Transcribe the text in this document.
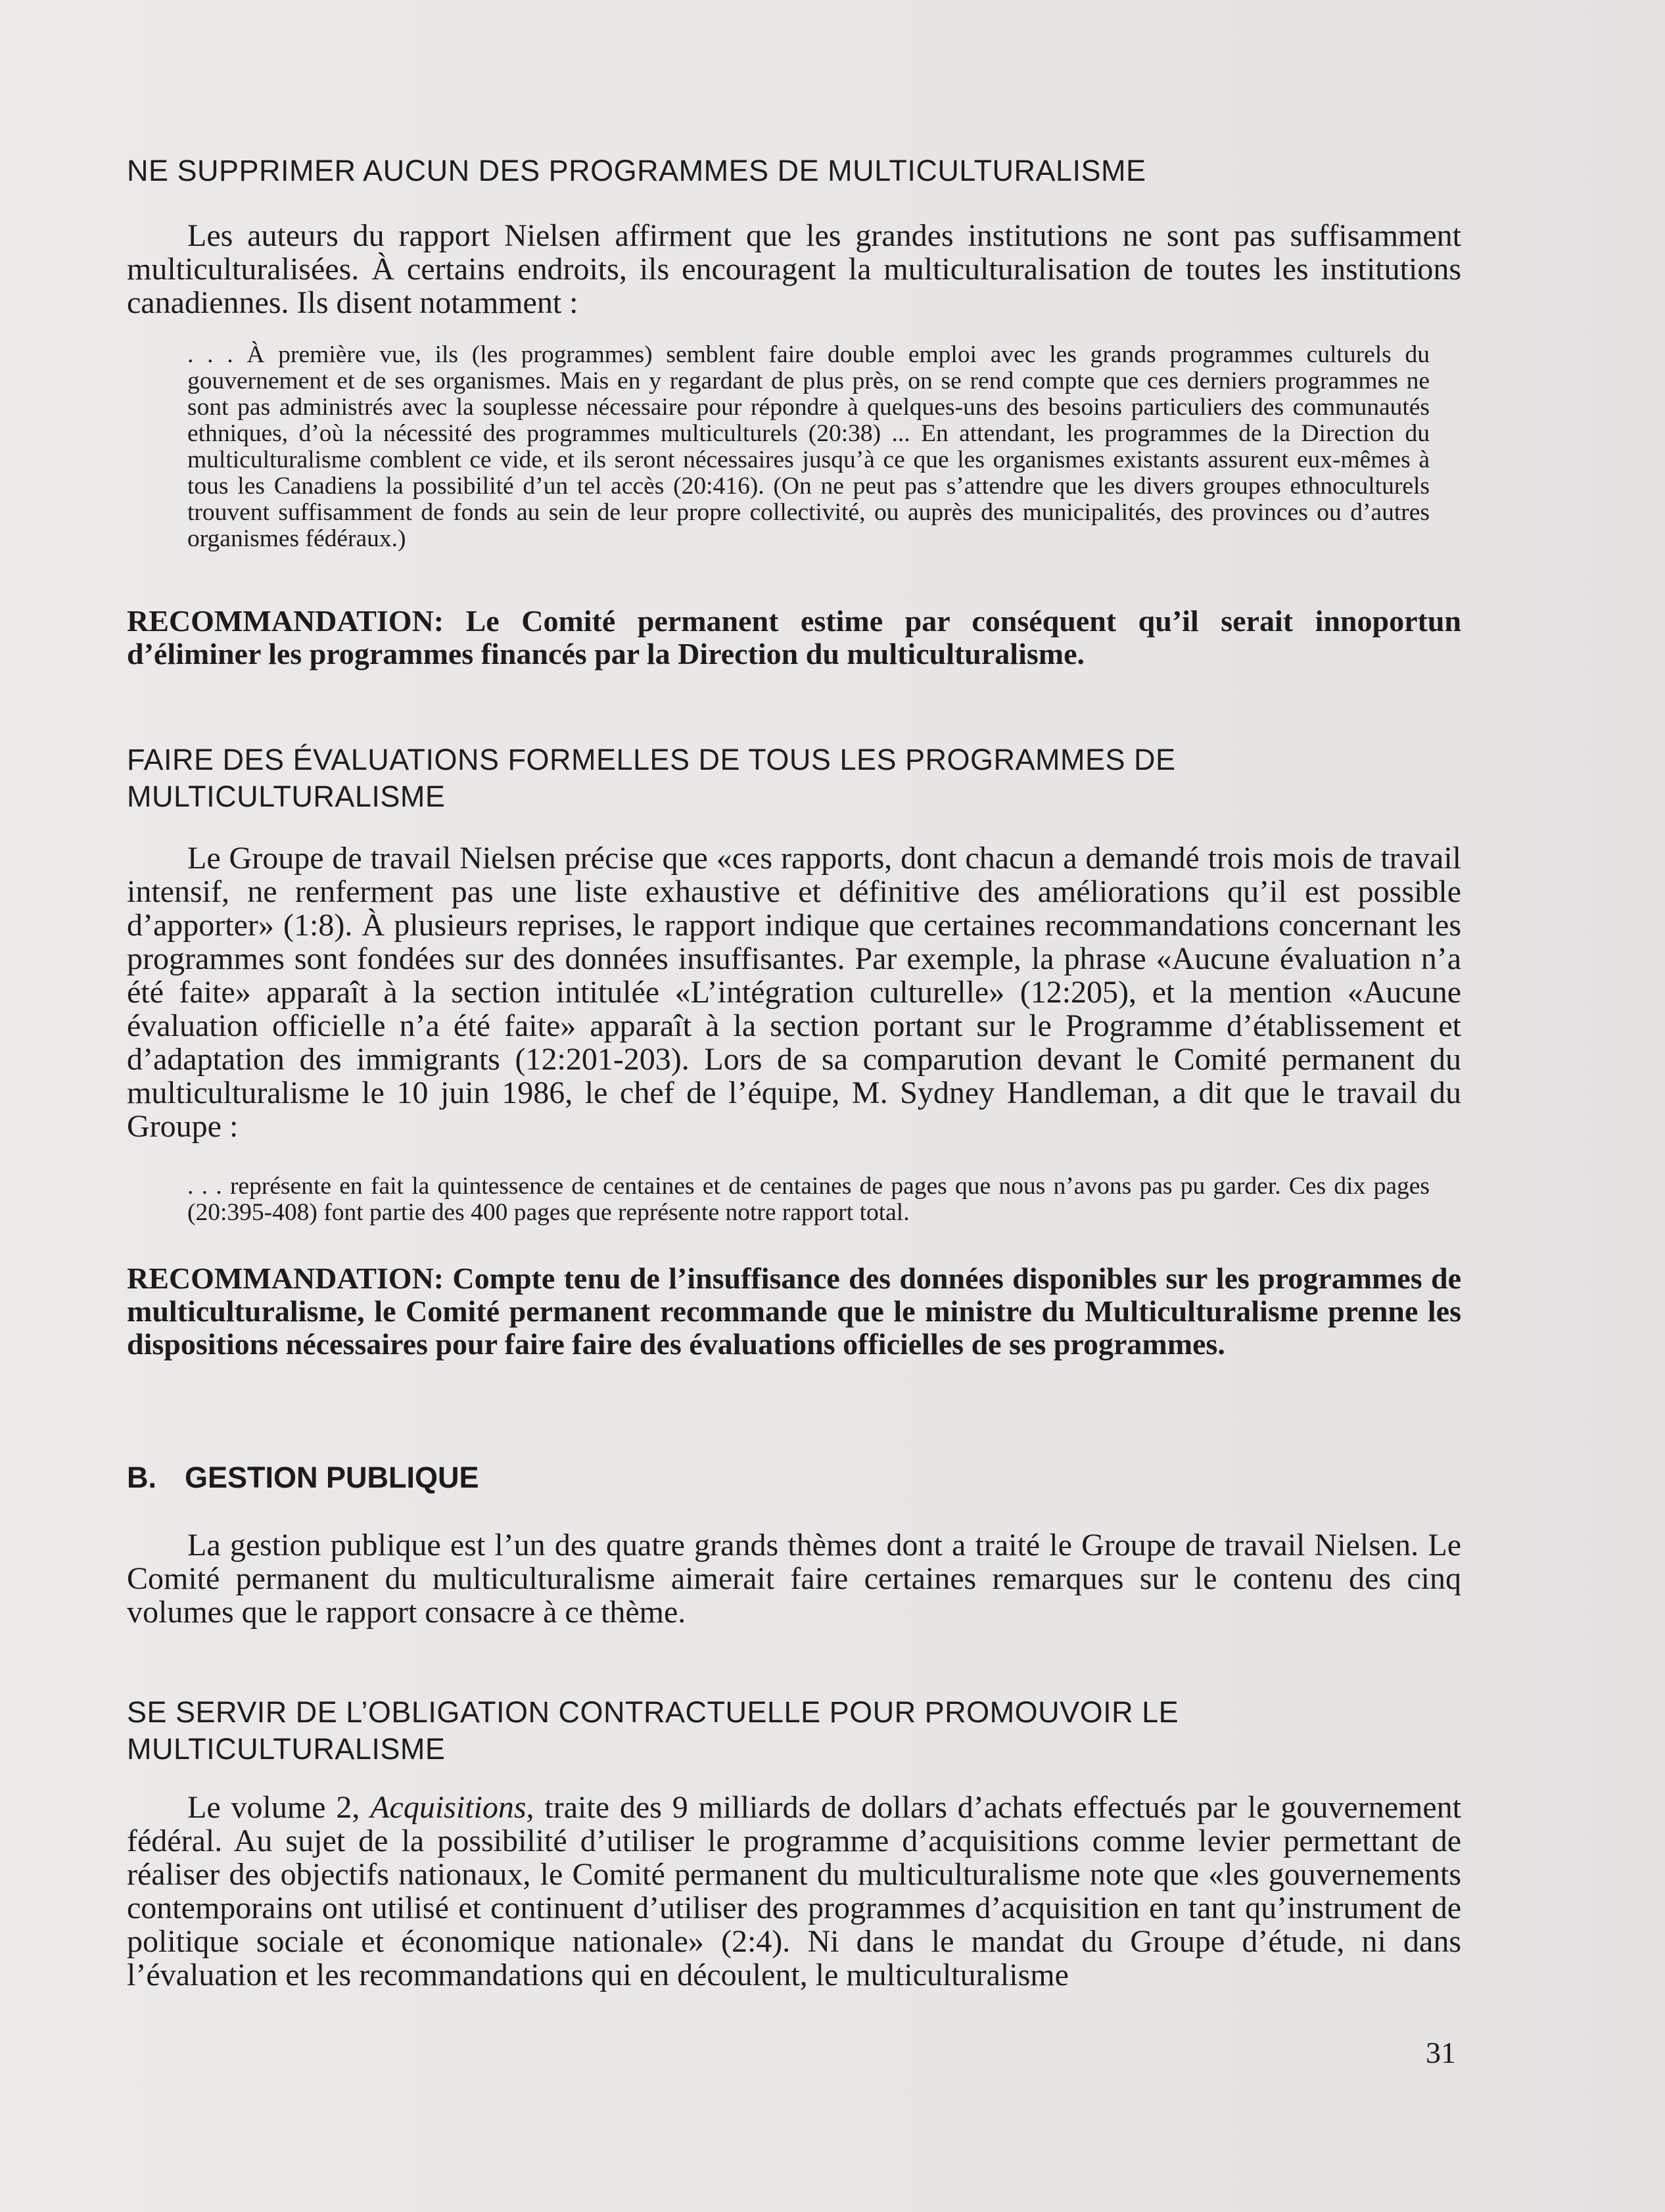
NE SUPPRIMER AUCUN DES PROGRAMMES DE MULTICULTURALISME

Les auteurs du rapport Nielsen affirment que les grandes institutions ne sont pas suffisamment multiculturalisées. À certains endroits, ils encouragent la multiculturalisation de toutes les institutions canadiennes. Ils disent notamment :

. . . À première vue, ils (les programmes) semblent faire double emploi avec les grands programmes culturels du gouvernement et de ses organismes. Mais en y regardant de plus près, on se rend compte que ces derniers programmes ne sont pas administrés avec la souplesse nécessaire pour répondre à quelques-uns des besoins particuliers des communautés ethniques, d’où la nécessité des programmes multiculturels (20:38) ... En attendant, les programmes de la Direction du multiculturalisme comblent ce vide, et ils seront nécessaires jusqu’à ce que les organismes existants assurent eux-mêmes à tous les Canadiens la possibilité d’un tel accès (20:416). (On ne peut pas s’attendre que les divers groupes ethnoculturels trouvent suffisamment de fonds au sein de leur propre collectivité, ou auprès des municipalités, des provinces ou d’autres organismes fédéraux.)

RECOMMANDATION: Le Comité permanent estime par conséquent qu’il serait innoportun d’éliminer les programmes financés par la Direction du multiculturalisme.

FAIRE DES ÉVALUATIONS FORMELLES DE TOUS LES PROGRAMMES DE
MULTICULTURALISME

Le Groupe de travail Nielsen précise que «ces rapports, dont chacun a demandé trois mois de travail intensif, ne renferment pas une liste exhaustive et définitive des améliorations qu’il est possible d’apporter» (1:8). À plusieurs reprises, le rapport indique que certaines recommandations concernant les programmes sont fondées sur des données insuffisantes. Par exemple, la phrase «Aucune évaluation n’a été faite» apparaît à la section intitulée «L’intégration culturelle» (12:205), et la mention «Aucune évaluation officielle n’a été faite» apparaît à la section portant sur le Programme d’établissement et d’adaptation des immigrants (12:201-203). Lors de sa comparution devant le Comité permanent du multiculturalisme le 10 juin 1986, le chef de l’équipe, M. Sydney Handleman, a dit que le travail du Groupe :

. . . représente en fait la quintessence de centaines et de centaines de pages que nous n’avons pas pu garder. Ces dix pages (20:395-408) font partie des 400 pages que représente notre rapport total.

RECOMMANDATION: Compte tenu de l’insuffisance des données disponibles sur les programmes de multiculturalisme, le Comité permanent recommande que le ministre du Multiculturalisme prenne les dispositions nécessaires pour faire faire des évaluations officielles de ses programmes.

B. GESTION PUBLIQUE

La gestion publique est l’un des quatre grands thèmes dont a traité le Groupe de travail Nielsen. Le Comité permanent du multiculturalisme aimerait faire certaines remarques sur le contenu des cinq volumes que le rapport consacre à ce thème.

SE SERVIR DE L’OBLIGATION CONTRACTUELLE POUR PROMOUVOIR LE
MULTICULTURALISME

Le volume 2, Acquisitions, traite des 9 milliards de dollars d’achats effectués par le gouvernement fédéral. Au sujet de la possibilité d’utiliser le programme d’acquisitions comme levier permettant de réaliser des objectifs nationaux, le Comité permanent du multiculturalisme note que «les gouvernements contemporains ont utilisé et continuent d’utiliser des programmes d’acquisition en tant qu’instrument de politique sociale et économique nationale» (2:4). Ni dans le mandat du Groupe d’étude, ni dans l’évaluation et les recommandations qui en découlent, le multiculturalisme

31
